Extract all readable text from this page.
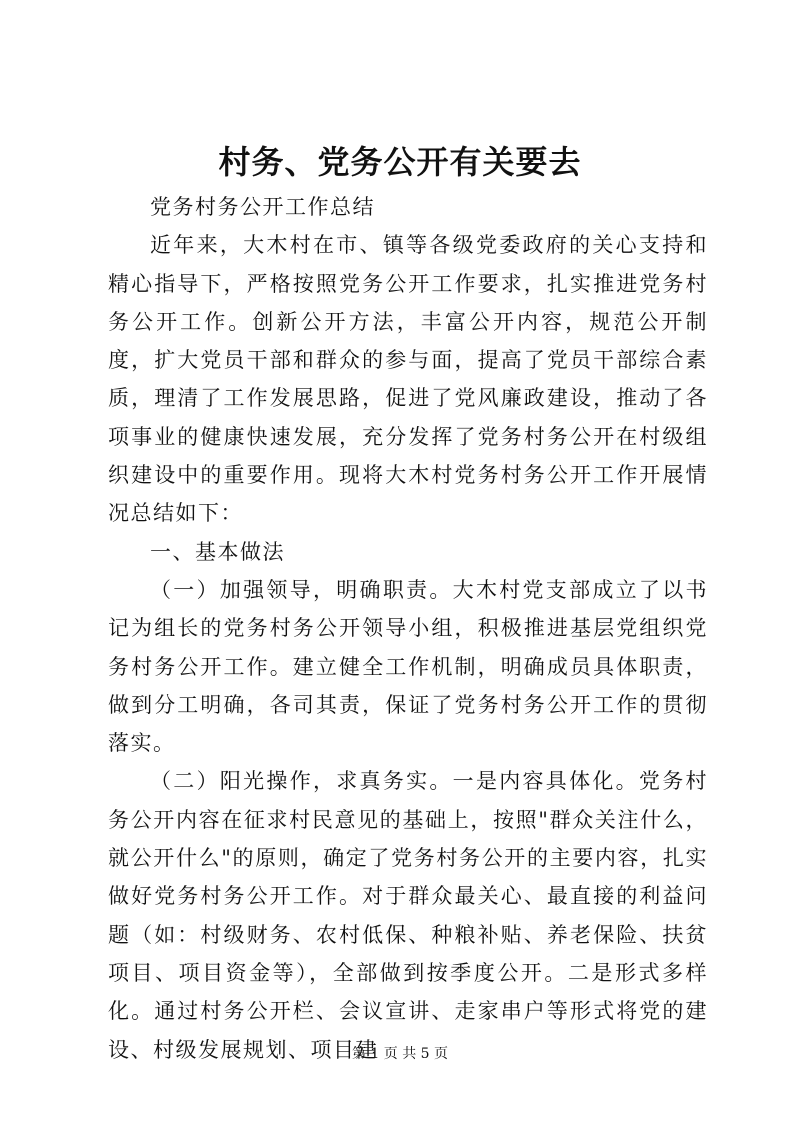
村务、党务公开有关要去

党务村务公开工作总结

近年来，大木村在市、镇等各级党委政府的关心支持和精心指导下，严格按照党务公开工作要求，扎实推进党务村务公开工作。创新公开方法，丰富公开内容，规范公开制度，扩大党员干部和群众的参与面，提高了党员干部综合素质，理清了工作发展思路，促进了党风廉政建设，推动了各项事业的健康快速发展，充分发挥了党务村务公开在村级组织建设中的重要作用。现将大木村党务村务公开工作开展情况总结如下：

一、基本做法

（一）加强领导，明确职责。大木村党支部成立了以书记为组长的党务村务公开领导小组，积极推进基层党组织党务村务公开工作。建立健全工作机制，明确成员具体职责，做到分工明确，各司其责，保证了党务村务公开工作的贯彻落实。

（二）阳光操作，求真务实。一是内容具体化。党务村务公开内容在征求村民意见的基础上，按照"群众关注什么，就公开什么"的原则，确定了党务村务公开的主要内容，扎实做好党务村务公开工作。对于群众最关心、最直接的利益问题（如：村级财务、农村低保、种粮补贴、养老保险、扶贫项目、项目资金等），全部做到按季度公开。二是形式多样化。通过村务公开栏、会议宣讲、走家串户等形式将党的建设、村级发展规划、项目建

第 1 页 共 5 页
